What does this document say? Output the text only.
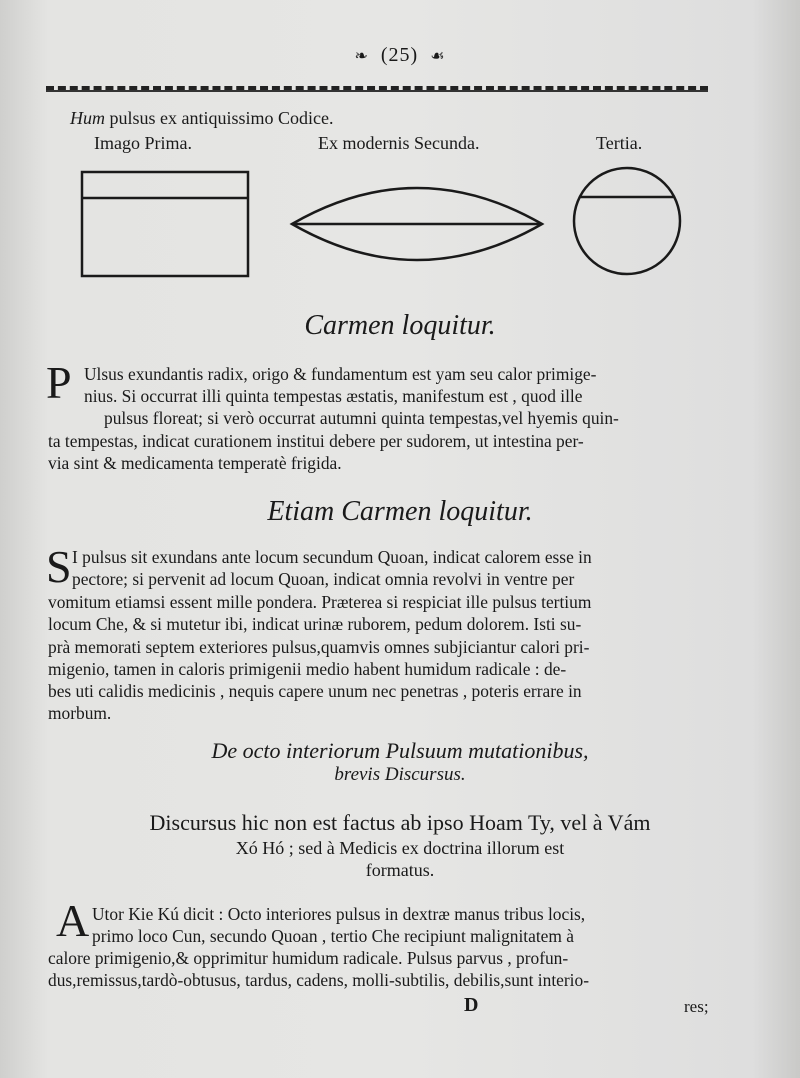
❧ (25) ☙
Hum pulsus ex antiquissimo Codice.
Imago Prima.	Ex modernis Secunda.	Tertia.
Carmen loquitur.
P Ulsus exundantis radix, origo & fundamentum est yam seu calor primige-
nius. Si occurrat illi quinta tempestas æstatis, manifestum est , quod ille
pulsus floreat; si verò occurrat autumni quinta tempestas,vel hyemis quin-
ta tempestas, indicat curationem institui debere per sudorem, ut intestina per-
via sint & medicamenta temperatè frigida.
Etiam Carmen loquitur.
S I pulsus sit exundans ante locum secundum Quoan, indicat calorem esse in
pectore; si pervenit ad locum Quoan, indicat omnia revolvi in ventre per
vomitum etiamsi essent mille pondera. Præterea si respiciat ille pulsus tertium
locum Che, & si mutetur ibi, indicat urinæ ruborem, pedum dolorem. Isti su-
prà memorati septem exteriores pulsus,quamvis omnes subjiciantur calori pri-
migenio, tamen in caloris primigenii medio habent humidum radicale : de-
bes uti calidis medicinis , nequis capere unum nec penetras , poteris errare in
morbum.
De octo interiorum Pulsuum mutationibus,
brevis Discursus.
Discursus hic non est factus ab ipso Hoam Ty, vel à Vám
Xó Hó ; sed à Medicis ex doctrina illorum est
formatus.
A Utor Kie Kú dicit : Octo interiores pulsus in dextræ manus tribus locis,
primo loco Cun, secundo Quoan , tertio Che recipiunt malignitatem à
calore primigenio,& opprimitur humidum radicale. Pulsus parvus , profun-
dus,remissus,tardò-obtusus, tardus, cadens, molli-subtilis, debilis,sunt interio-
D	res;
